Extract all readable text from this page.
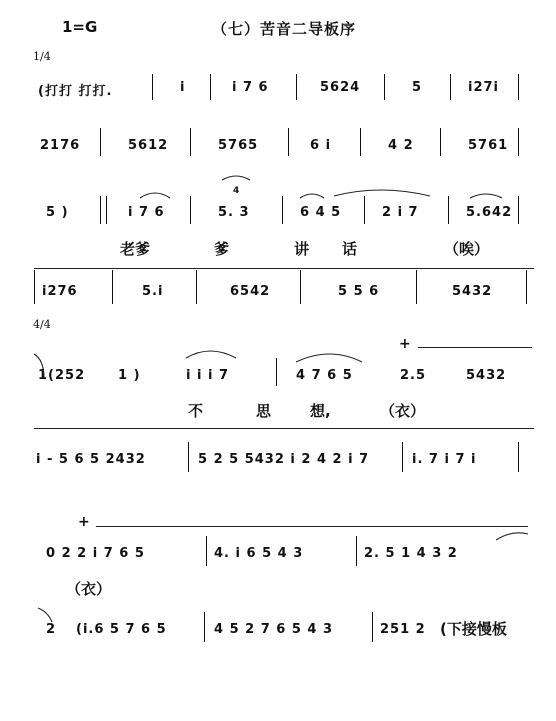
1=G	（七）苦音二导板序
1/4
4/4
(打打 打打.	i	i 7 6	5624	5	i27i
2176	5612	5765	6 i	4 2	5761
5 )	i 7 6
4
5. 3	6 4 5	2 i 7	5.642
老爹	爹	讲 话	（唉）
i276	5.i	6542	5 5 6	5432
+
1(252	1 )	i i i 7	4 7 6 5	2.5	5432
不	思	想,	（衣）
i - 5 6 5 2432	5 2 5 5432 i 2 4 2 i 7	i. 7 i 7 i
+
0 2 2 i 7 6 5	4. i 6 5 4 3	2. 5 1 4 3 2
（衣）
2 (i.6 5 7 6 5	4 5 2 7 6 5 4 3	251 2 (下接慢板
